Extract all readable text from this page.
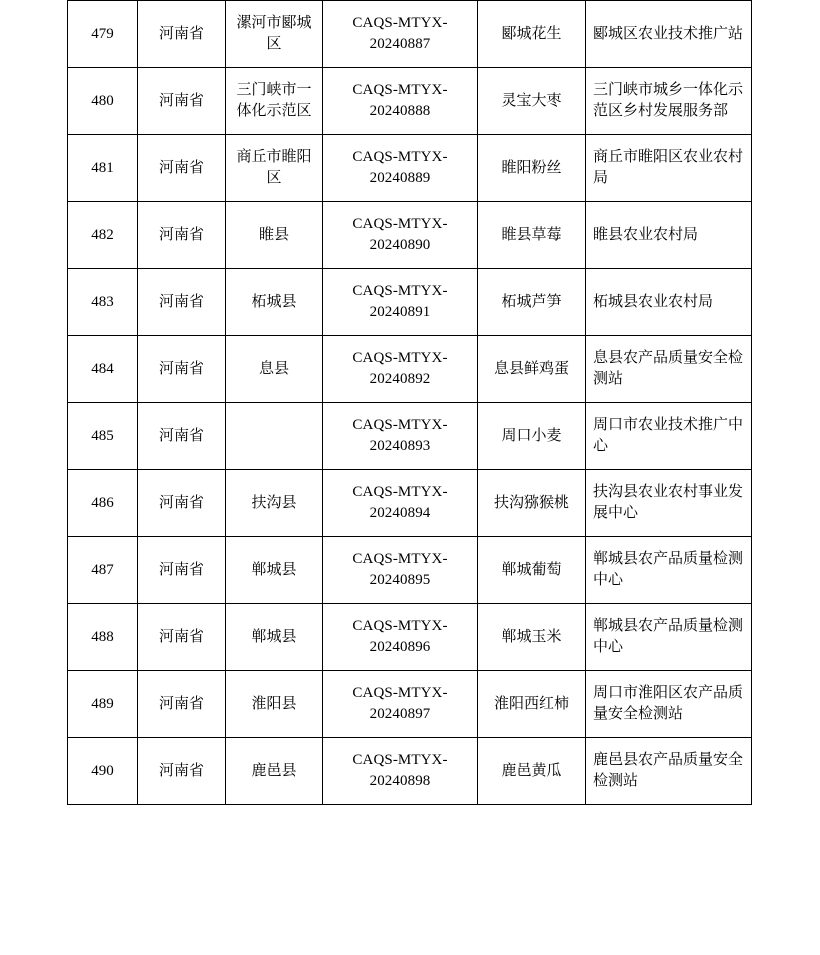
479	河南省	漯河市郾城区	CAQS-MTYX-20240887	郾城花生	郾城区农业技术推广站
480	河南省	三门峡市一体化示范区	CAQS-MTYX-20240888	灵宝大枣	三门峡市城乡一体化示范区乡村发展服务部
481	河南省	商丘市睢阳区	CAQS-MTYX-20240889	睢阳粉丝	商丘市睢阳区农业农村局
482	河南省	睢县	CAQS-MTYX-20240890	睢县草莓	睢县农业农村局
483	河南省	柘城县	CAQS-MTYX-20240891	柘城芦笋	柘城县农业农村局
484	河南省	息县	CAQS-MTYX-20240892	息县鲜鸡蛋	息县农产品质量安全检测站
485	河南省		CAQS-MTYX-20240893	周口小麦	周口市农业技术推广中心
486	河南省	扶沟县	CAQS-MTYX-20240894	扶沟猕猴桃	扶沟县农业农村事业发展中心
487	河南省	郸城县	CAQS-MTYX-20240895	郸城葡萄	郸城县农产品质量检测中心
488	河南省	郸城县	CAQS-MTYX-20240896	郸城玉米	郸城县农产品质量检测中心
489	河南省	淮阳县	CAQS-MTYX-20240897	淮阳西红柿	周口市淮阳区农产品质量安全检测站
490	河南省	鹿邑县	CAQS-MTYX-20240898	鹿邑黄瓜	鹿邑县农产品质量安全检测站
